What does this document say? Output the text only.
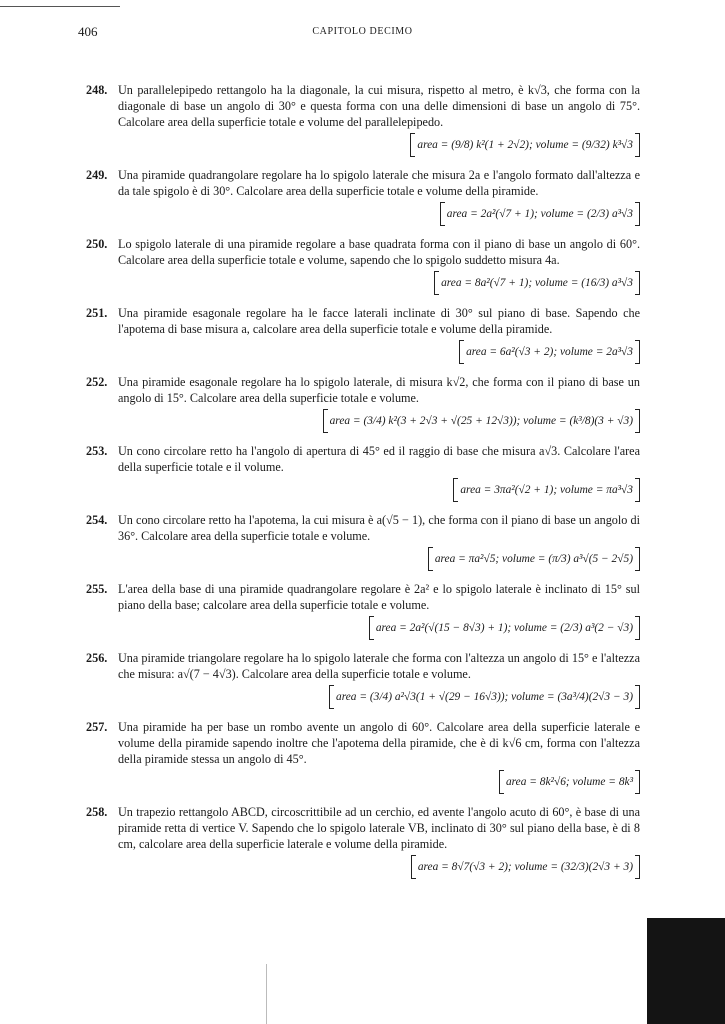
406	CAPITOLO DECIMO
248. Un parallelepipedo rettangolo ha la diagonale, la cui misura, rispetto al metro, è k√3, che forma con la diagonale di base un angolo di 30° e questa forma con una delle dimensioni di base un angolo di 75°. Calcolare area della superficie totale e volume del parallelepipedo.
area = (9/8) k²(1 + 2√2); volume = (9/32) k³√3
249. Una piramide quadrangolare regolare ha lo spigolo laterale che misura 2a e l'angolo formato dall'altezza e da tale spigolo è di 30°. Calcolare area della superficie totale e volume della piramide.
area = 2a²(√7 + 1); volume = (2/3) a³√3
250. Lo spigolo laterale di una piramide regolare a base quadrata forma con il piano di base un angolo di 60°. Calcolare area della superficie totale e volume, sapendo che lo spigolo suddetto misura 4a.
area = 8a²(√7 + 1); volume = (16/3) a³√3
251. Una piramide esagonale regolare ha le facce laterali inclinate di 30° sul piano di base. Sapendo che l'apotema di base misura a, calcolare area della superficie totale e volume della piramide.
area = 6a²(√3 + 2); volume = 2a³√3
252. Una piramide esagonale regolare ha lo spigolo laterale, di misura k√2, che forma con il piano di base un angolo di 15°. Calcolare area della superficie totale e volume.
area = (3/4) k²(3 + 2√3 + √(25 + 12√3)); volume = (k³/8)(3 + √3)
253. Un cono circolare retto ha l'angolo di apertura di 45° ed il raggio di base che misura a√3. Calcolare l'area della superficie totale e il volume.
area = 3πa²(√2 + 1); volume = πa³√3
254. Un cono circolare retto ha l'apotema, la cui misura è a(√5 − 1), che forma con il piano di base un angolo di 36°. Calcolare area della superficie totale e volume.
area = πa²√5; volume = (π/3) a³√(5 − 2√5)
255. L'area della base di una piramide quadrangolare regolare è 2a² e lo spigolo laterale è inclinato di 15° sul piano della base; calcolare area della superficie totale e volume.
area = 2a²(√(15 − 8√3) + 1); volume = (2/3) a³(2 − √3)
256. Una piramide triangolare regolare ha lo spigolo laterale che forma con l'altezza un angolo di 15° e l'altezza che misura: a√(7 − 4√3). Calcolare area della superficie totale e volume.
area = (3/4) a²√3(1 + √(29 − 16√3)); volume = (3a³/4)(2√3 − 3)
257. Una piramide ha per base un rombo avente un angolo di 60°. Calcolare area della superficie laterale e volume della piramide sapendo inoltre che l'apotema della piramide, che è di k√6 cm, forma con l'altezza della piramide stessa un angolo di 45°.
area = 8k²√6; volume = 8k³
258. Un trapezio rettangolo ABCD, circoscrittibile ad un cerchio, ed avente l'angolo acuto di 60°, è base di una piramide retta di vertice V. Sapendo che lo spigolo laterale VB, inclinato di 30° sul piano della base, è di 8 cm, calcolare area della superficie laterale e volume della piramide.
area = 8√7(√3 + 2); volume = (32/3)(2√3 + 3)
